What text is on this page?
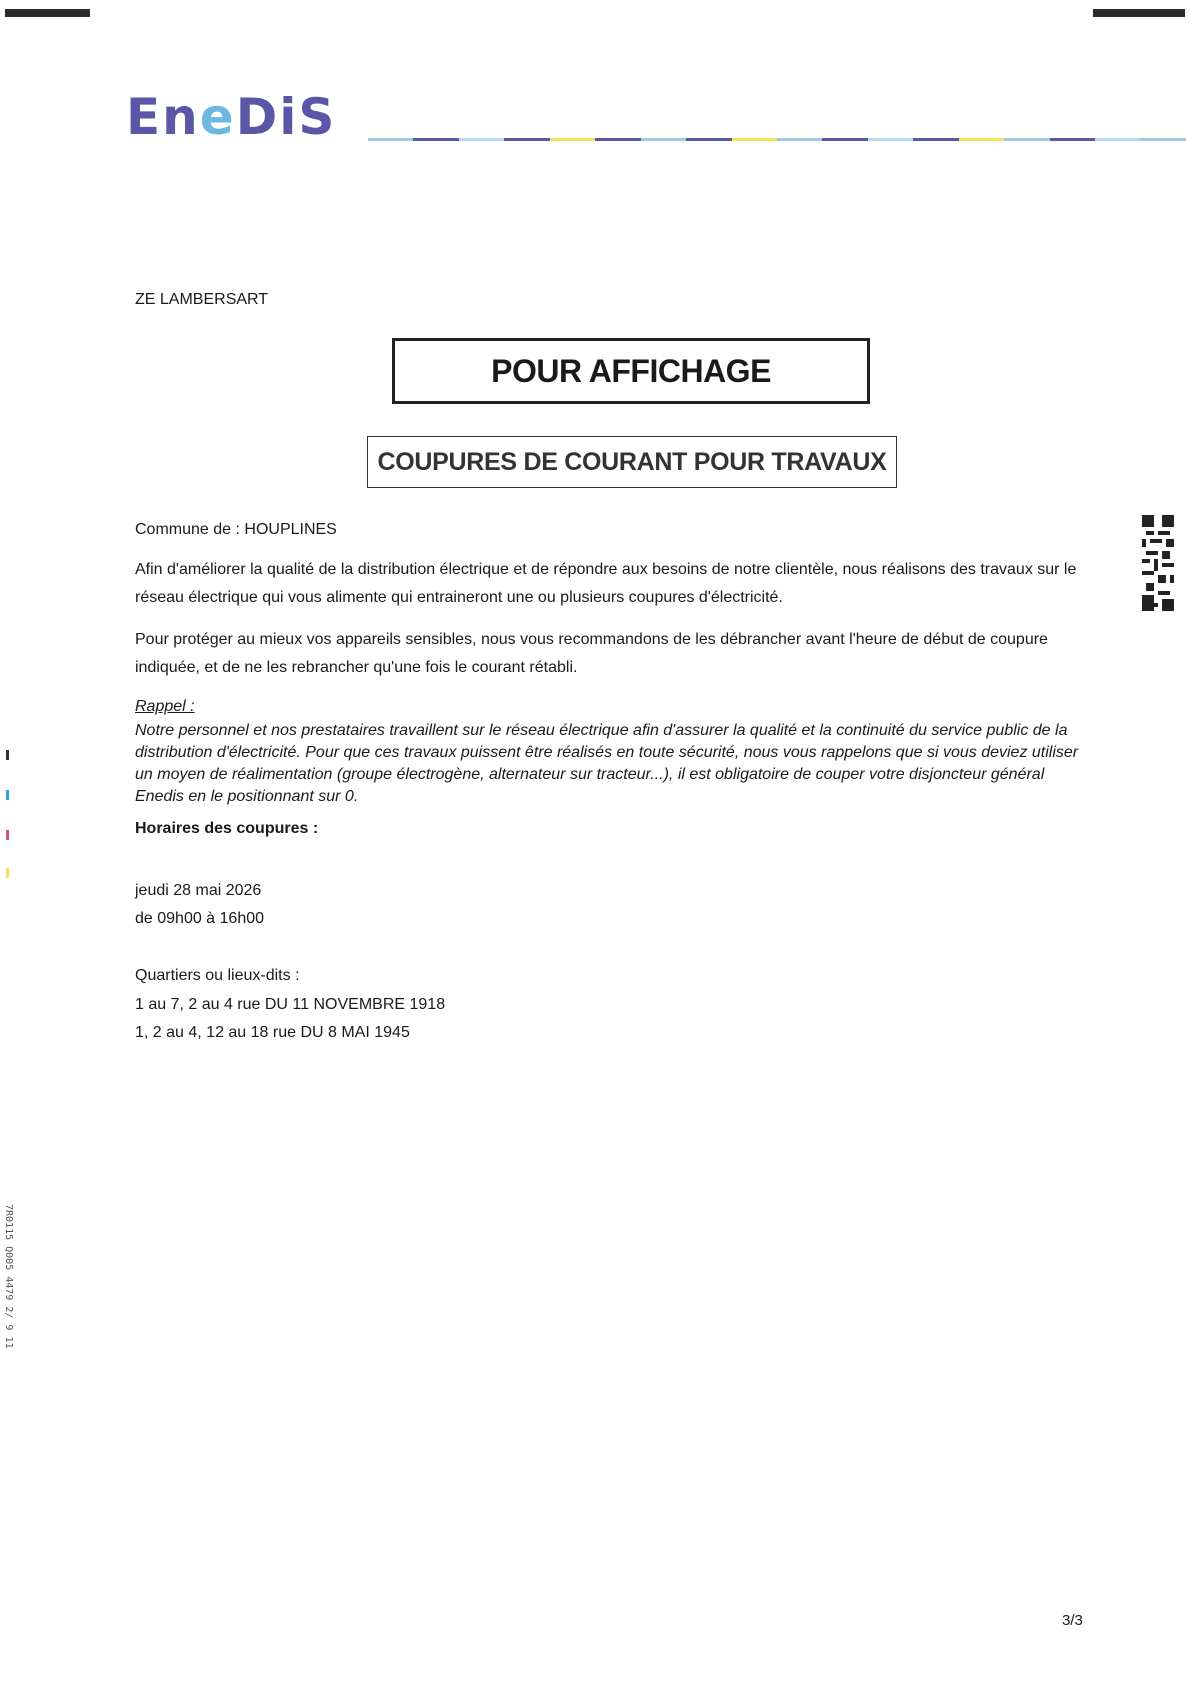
EneDiS
ZE LAMBERSART
POUR AFFICHAGE
COUPURES DE COURANT POUR TRAVAUX
Commune de : HOUPLINES
Afin d'améliorer la qualité de la distribution électrique et de répondre aux besoins de notre clientèle, nous réalisons des travaux sur le réseau électrique qui vous alimente qui entraineront une ou plusieurs coupures d'électricité.
Pour protéger au mieux vos appareils sensibles, nous vous recommandons de les débrancher avant l'heure de début de coupure indiquée, et de ne les rebrancher qu'une fois le courant rétabli.
Rappel :
Notre personnel et nos prestataires travaillent sur le réseau électrique afin d'assurer la qualité et la continuité du service public de la distribution d'électricité. Pour que ces travaux puissent être réalisés en toute sécurité, nous vous rappelons que si vous deviez utiliser un moyen de réalimentation (groupe électrogène, alternateur sur tracteur...), il est obligatoire de couper votre disjoncteur général Enedis en le positionnant sur 0.
Horaires des coupures :
jeudi 28 mai 2026
de 09h00 à 16h00
Quartiers ou lieux-dits :
1 au 7, 2 au 4 rue DU 11 NOVEMBRE 1918
1, 2 au 4, 12 au 18 rue DU 8 MAI 1945
3/3
7R0115 Q005 4479 2/ 9 11
